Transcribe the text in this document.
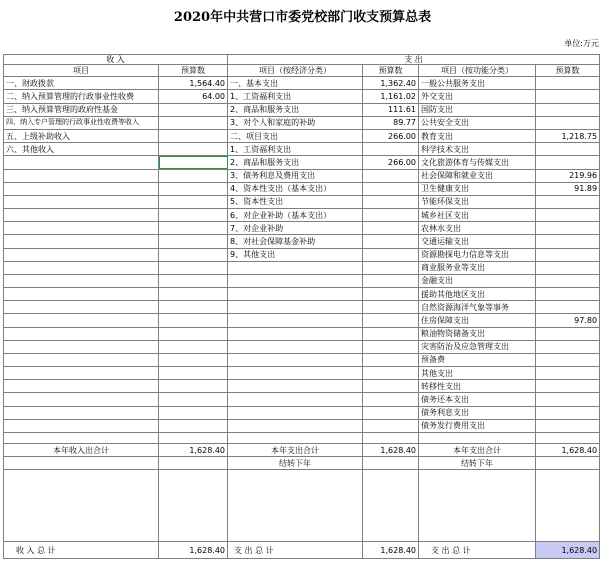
2020年中共营口市委党校部门收支预算总表
单位:万元
收 入		支 出			
项目	预算数	项目（按经济分类）	预算数	项目（按功能分类）	预算数
一、财政拨款	1,564.40	一、基本支出	1,362.40	一般公共服务支出	
二、纳入预算管理的行政事业性收费	64.00	1、工资福利支出	1,161.02	外交支出	
三、纳入预算管理的政府性基金		2、商品和服务支出	111.61	国防支出	
四、纳入专户管理的行政事业性收费等收入		3、对个人和家庭的补助	89.77	公共安全支出	
五、上级补助收入		二、项目支出	266.00	教育支出	1,218.75
六、其他收入		1、工资福利支出		科学技术支出	
		2、商品和服务支出	266.00	文化旅游体育与传媒支出	
		3、债务利息及费用支出		社会保障和就业支出	219.96
		4、资本性支出（基本支出）		卫生健康支出	91.89
		5、资本性支出		节能环保支出	
		6、对企业补助（基本支出）		城乡社区支出	
		7、对企业补助		农林水支出	
		8、对社会保障基金补助		交通运输支出	
		9、其他支出		资源勘探电力信息等支出	
				商业服务业等支出	
				金融支出	
				援助其他地区支出	
				自然资源海洋气象等事务	
				住房保障支出	97.80
				粮油物资储备支出	
				灾害防治及应急管理支出	
				预备费	
				其他支出	
				转移性支出	
				债务还本支出	
				债务利息支出	
				债务发行费用支出	

本年收入出合计	1,628.40	本年支出合计	1,628.40	本年支出合计	1,628.40
		结转下年		结转下年	

收 入 总 计	1,628.40	支 出 总 计	1,628.40	支 出 总 计	1,628.40
